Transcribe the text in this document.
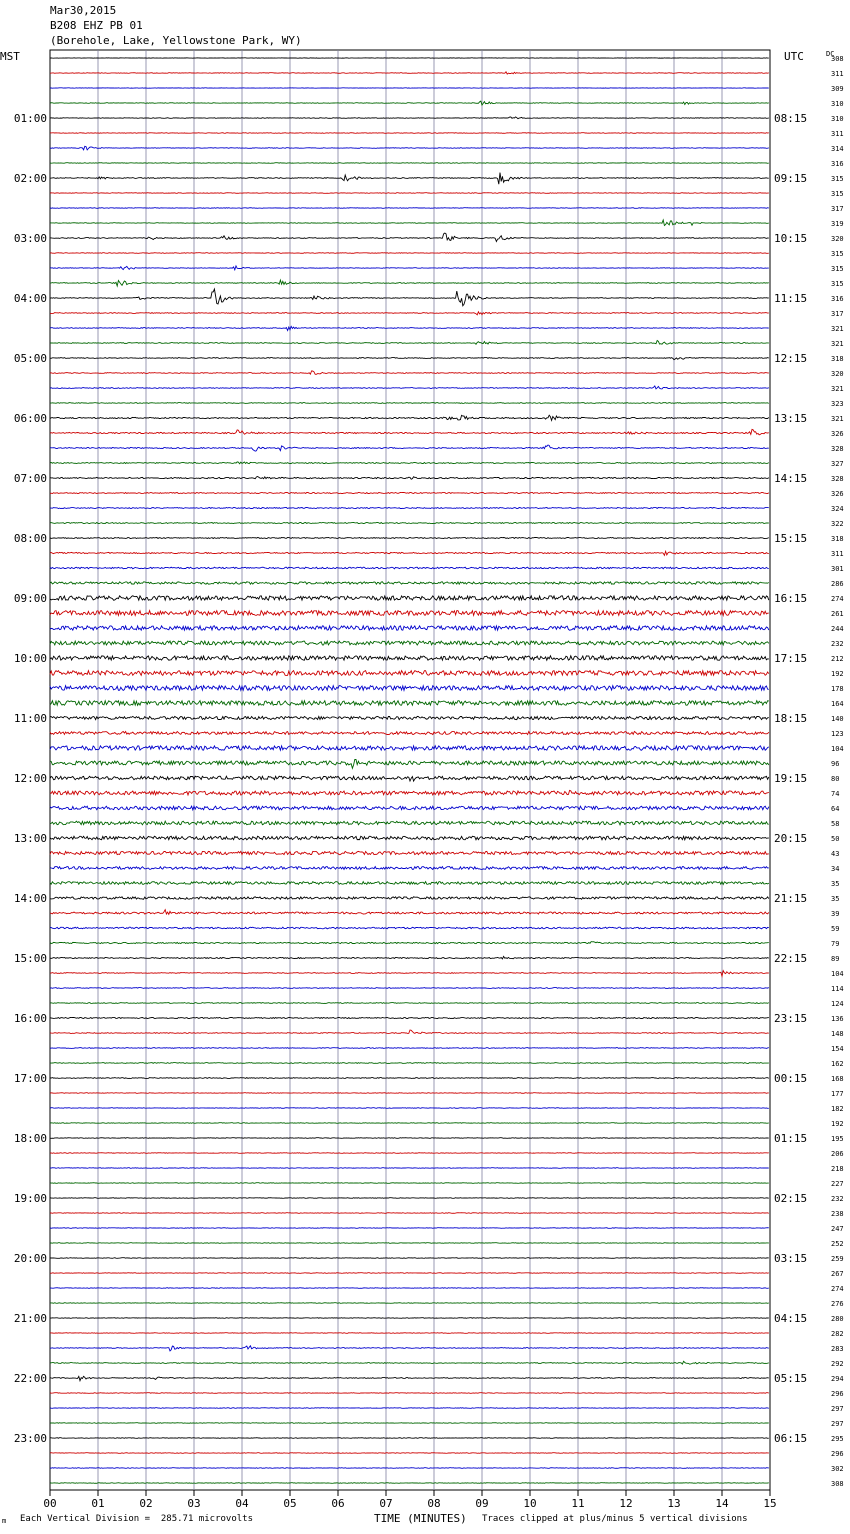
Mar30,2015
B208 EHZ PB 01
(Borehole, Lake, Yellowstone Park, WY)
MST	UTC	DC
00	01	02	03	04	05	06	07	08	09	10	11	12	13	14	15
308
311
309
310
310
311
314
316
315
315
317
319
320
315
315
315
316
317
321
321
318
320
321
323
321
326
328
327
328
326
324
322
318
311
301
286
274
261
244
232
212
192
178
164
140
123
104
96
80
74
64
58
50
43
34
35
35
39
59
79
89
104
114
124
136
148
154
162
168
177
182
192
195
206
218
227
232
238
247
252
259
267
274
276
280
282
283
292
294
296
297
297
295
296
302
308
01:00
02:00
03:00
04:00
05:00
06:00
07:00
08:00
09:00
10:00
11:00
12:00
13:00
14:00
15:00
16:00
17:00
18:00
19:00
20:00
21:00
22:00
23:00
08:15
09:15
10:15
11:15
12:15
13:15
14:15
15:15
16:15
17:15
18:15
19:15
20:15
21:15
22:15
23:15
00:15
01:15
02:15
03:15
04:15
05:15
06:15
m Each Vertical Division =  285.71 microvolts	TIME (MINUTES) Traces clipped at plus/minus 5 vertical divisions
